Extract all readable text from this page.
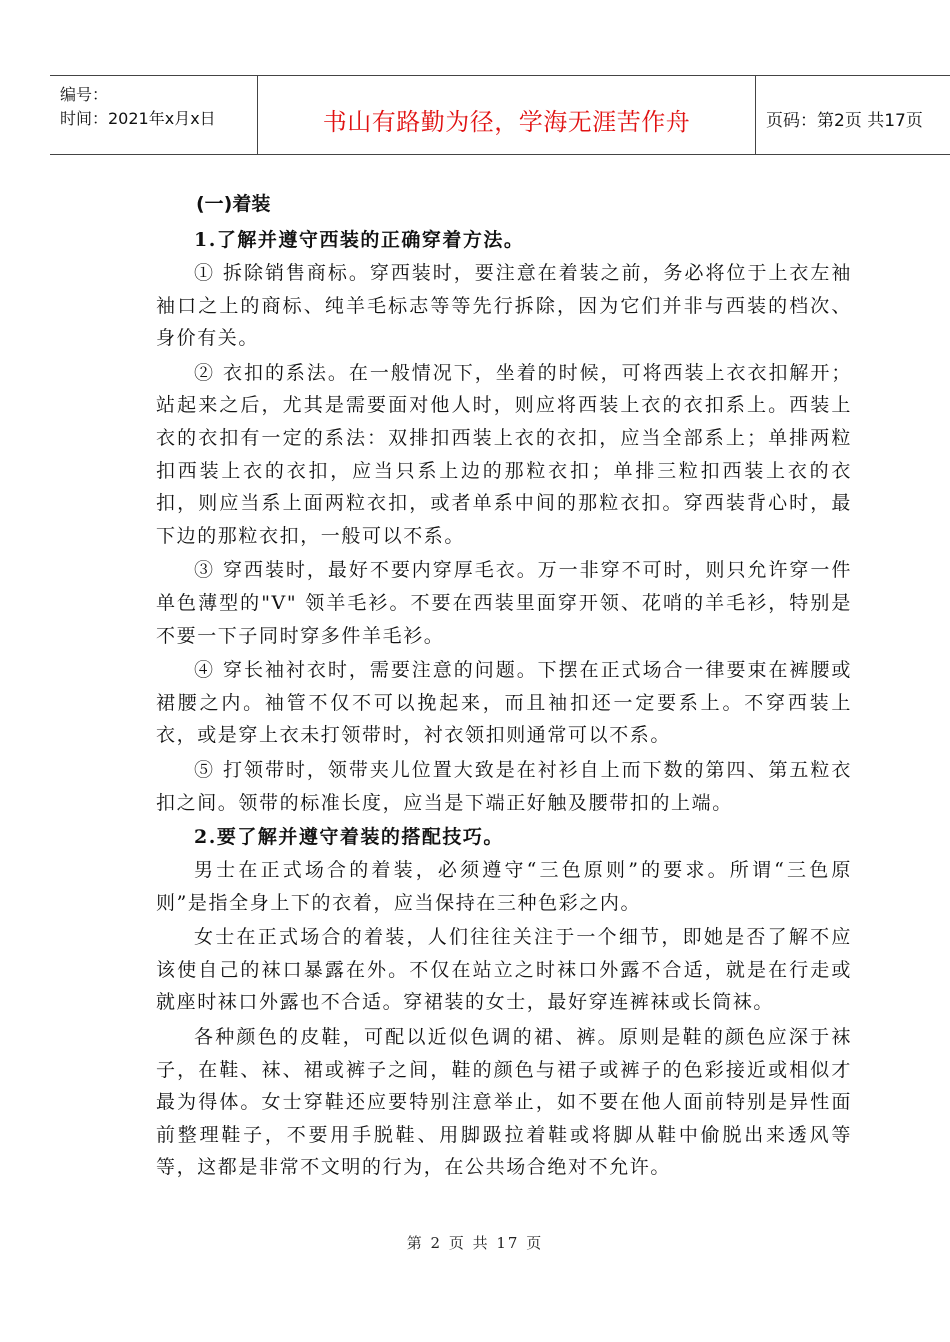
编号：
时间：2021年x月x日	书山有路勤为径，学海无涯苦作舟	页码：第2页 共17页
(一)着装
1.了解并遵守西装的正确穿着方法。

① 拆除销售商标。穿西装时，要注意在着装之前，务必将位于上衣左袖袖口之上的商标、纯羊毛标志等等先行拆除，因为它们并非与西装的档次、身价有关。

② 衣扣的系法。在一般情况下，坐着的时候，可将西装上衣衣扣解开；站起来之后，尤其是需要面对他人时，则应将西装上衣的衣扣系上。西装上衣的衣扣有一定的系法：双排扣西装上衣的衣扣，应当全部系上；单排两粒扣西装上衣的衣扣，应当只系上边的那粒衣扣；单排三粒扣西装上衣的衣扣，则应当系上面两粒衣扣，或者单系中间的那粒衣扣。穿西装背心时，最下边的那粒衣扣，一般可以不系。

③ 穿西装时，最好不要内穿厚毛衣。万一非穿不可时，则只允许穿一件单色薄型的"V" 领羊毛衫。不要在西装里面穿开领、花哨的羊毛衫，特别是不要一下子同时穿多件羊毛衫。

④ 穿长袖衬衣时，需要注意的问题。下摆在正式场合一律要束在裤腰或裙腰之内。袖管不仅不可以挽起来，而且袖扣还一定要系上。不穿西装上衣，或是穿上衣未打领带时，衬衣领扣则通常可以不系。

⑤ 打领带时，领带夹儿位置大致是在衬衫自上而下数的第四、第五粒衣扣之间。领带的标准长度，应当是下端正好触及腰带扣的上端。

2.要了解并遵守着装的搭配技巧。

男士在正式场合的着装，必须遵守“三色原则”的要求。所谓“三色原则”是指全身上下的衣着，应当保持在三种色彩之内。

女士在正式场合的着装，人们往往关注于一个细节，即她是否了解不应该使自己的袜口暴露在外。不仅在站立之时袜口外露不合适，就是在行走或就座时袜口外露也不合适。穿裙装的女士，最好穿连裤袜或长筒袜。

各种颜色的皮鞋，可配以近似色调的裙、裤。原则是鞋的颜色应深于袜子，在鞋、袜、裙或裤子之间，鞋的颜色与裙子或裤子的色彩接近或相似才最为得体。女士穿鞋还应要特别注意举止，如不要在他人面前特别是异性面前整理鞋子，不要用手脱鞋、用脚趿拉着鞋或将脚从鞋中偷脱出来透风等等，这都是非常不文明的行为，在公共场合绝对不允许。

第 2 页 共 17 页
